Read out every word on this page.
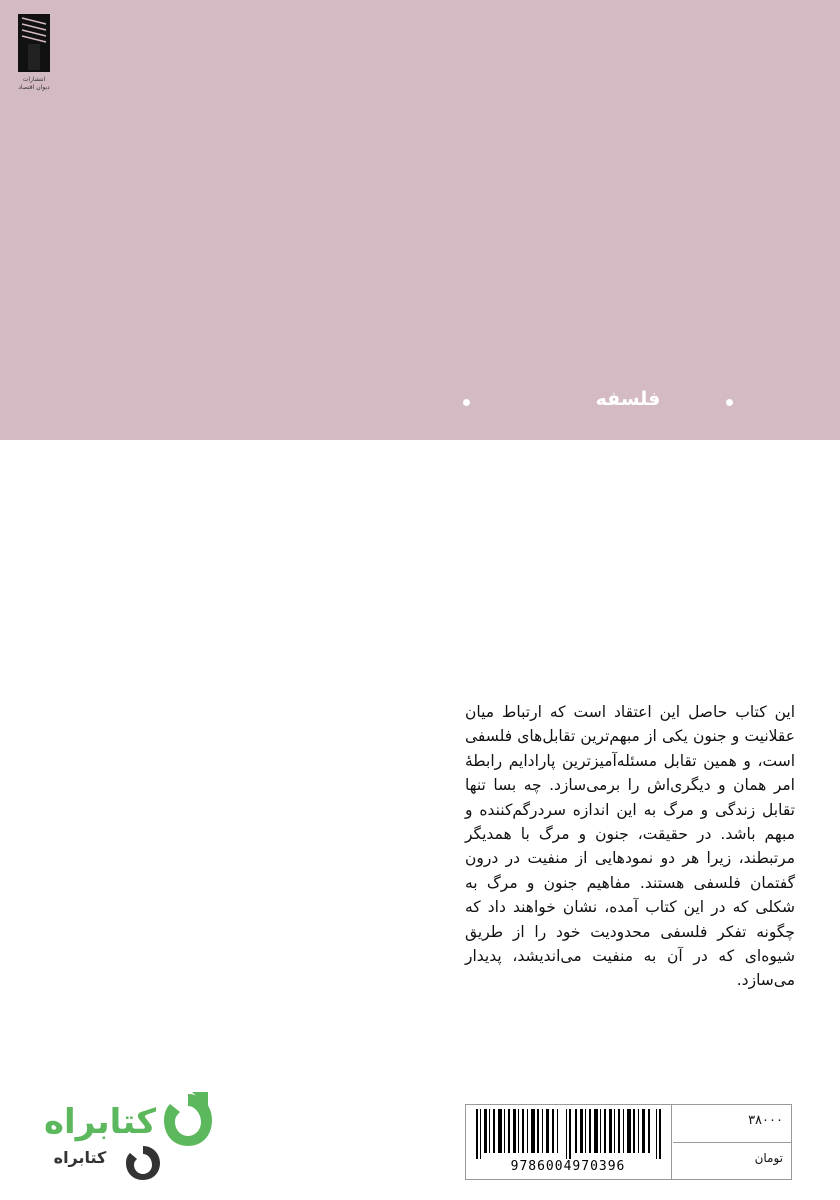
انتشارات
دیوان اقتصاد
فلسفه
این کتاب حاصل این اعتقاد است که ارتباط میان عقلانیت و جنون یکی از مبهم‌ترین تقابل‌های فلسفی است، و همین تقابل مسئله‌آمیزترین پارادایم رابطهٔ امر همان و دیگری‌اش را برمی‌سازد. چه بسا تنها تقابل زندگی و مرگ به این اندازه سردرگم‌کننده و مبهم باشد. در حقیقت، جنون و مرگ با همدیگر مرتبطند، زیرا هر دو نمودهایی از منفیت در درون گفتمان فلسفی هستند. مفاهیم جنون و مرگ به شکلی که در این کتاب آمده، نشان خواهند داد که چگونه تفکر فلسفی محدودیت خود را از طریق شیوه‌ای که در آن به منفیت می‌اندیشد، پدیدار می‌سازد.
9786004970396
۳۸۰۰۰
تومان
کتابراه
کتابراه
